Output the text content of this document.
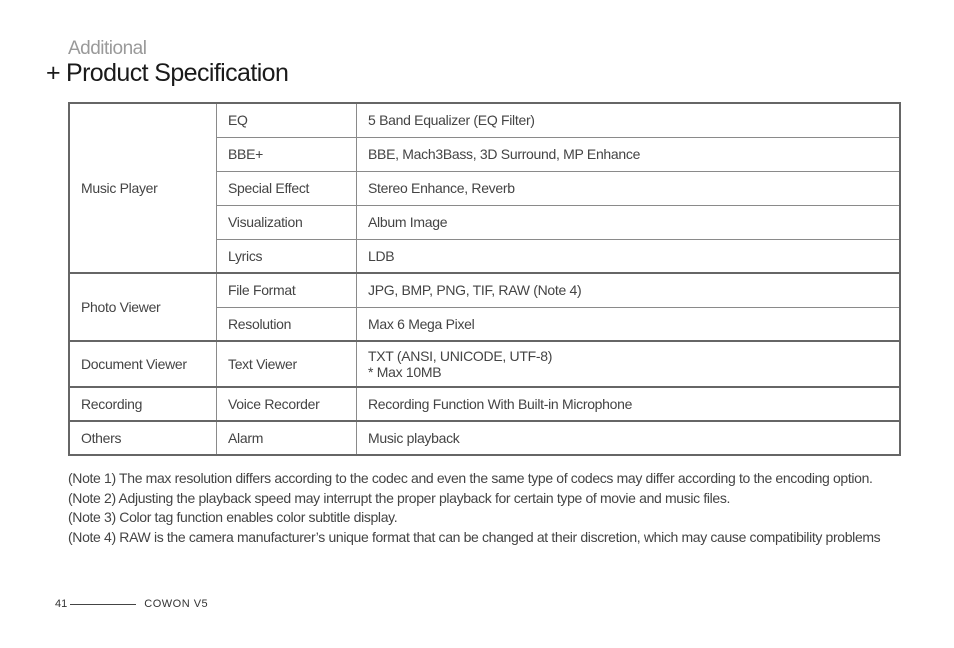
Additional
+ Product Specification
Music Player	EQ	5 Band Equalizer (EQ Filter)
	BBE+	BBE, Mach3Bass, 3D Surround, MP Enhance
	Special Effect	Stereo Enhance, Reverb
	Visualization	Album Image
	Lyrics	LDB
Photo Viewer	File Format	JPG, BMP, PNG, TIF, RAW (Note 4)
	Resolution	Max 6 Mega Pixel
Document Viewer	Text Viewer	TXT (ANSI, UNICODE, UTF-8)
* Max 10MB

Recording	Voice Recorder	Recording Function With Built-in Microphone
Others	Alarm	Music playback
(Note 1) The max resolution differs according to the codec and even the same type of codecs may differ according to the encoding option.
(Note 2) Adjusting the playback speed may interrupt the proper playback for certain type of movie and music files.
(Note 3) Color tag function enables color subtitle display.
(Note 4) RAW is the camera manufacturer’s unique format that can be changed at their discretion, which may cause compatibility problems
41	COWON V5
